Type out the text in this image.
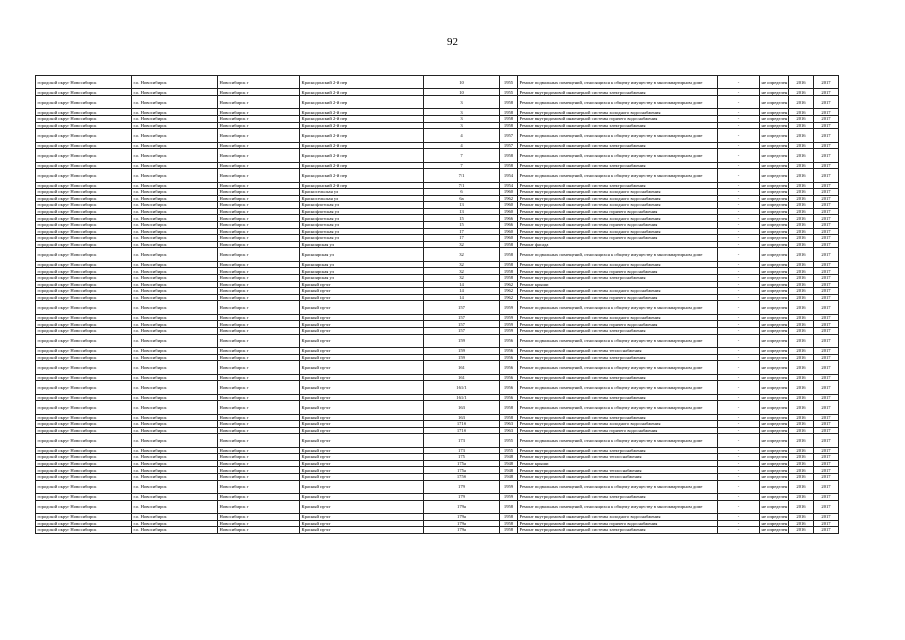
92
городской округ Новосибирск	г.о. Новосибирск	Новосибирск г	Краснодонский 2-й пер	10	1955	Ремонт подвальных помещений, относящихся к общему имуществу в многоквартирном доме	-	не определен	2016	2017
городской округ Новосибирск	г.о. Новосибирск	Новосибирск г	Краснодонский 2-й пер	10	1955	Ремонт внутридомовой инженерной системы электроснабжения	-	не определен	2016	2017
городской округ Новосибирск	г.о. Новосибирск	Новосибирск г	Краснодонский 2-й пер	3	1958	Ремонт подвальных помещений, относящихся к общему имуществу в многоквартирном доме	-	не определен	2016	2017
городской округ Новосибирск	г.о. Новосибирск	Новосибирск г	Краснодонский 2-й пер	3	1958	Ремонт внутридомовой инженерной системы холодного водоснабжения	-	не определен	2016	2017
городской округ Новосибирск	г.о. Новосибирск	Новосибирск г	Краснодонский 2-й пер	3	1958	Ремонт внутридомовой инженерной системы горячего водоснабжения	-	не определен	2016	2017
городской округ Новосибирск	г.о. Новосибирск	Новосибирск г	Краснодонский 2-й пер	3	1958	Ремонт внутридомовой инженерной системы электроснабжения	-	не определен	2016	2017
городской округ Новосибирск	г.о. Новосибирск	Новосибирск г	Краснодонский 2-й пер	4	1957	Ремонт подвальных помещений, относящихся к общему имуществу в многоквартирном доме	-	не определен	2016	2017
городской округ Новосибирск	г.о. Новосибирск	Новосибирск г	Краснодонский 2-й пер	4	1957	Ремонт внутридомовой инженерной системы электроснабжения	-	не определен	2016	2017
городской округ Новосибирск	г.о. Новосибирск	Новосибирск г	Краснодонский 2-й пер	7	1958	Ремонт подвальных помещений, относящихся к общему имуществу в многоквартирном доме	-	не определен	2016	2017
городской округ Новосибирск	г.о. Новосибирск	Новосибирск г	Краснодонский 2-й пер	7	1958	Ремонт внутридомовой инженерной системы электроснабжения	-	не определен	2016	2017
городской округ Новосибирск	г.о. Новосибирск	Новосибирск г	Краснодонский 2-й пер	7/1	1954	Ремонт подвальных помещений, относящихся к общему имуществу в многоквартирном доме	-	не определен	2016	2017
городской округ Новосибирск	г.о. Новосибирск	Новосибирск г	Краснодонский 2-й пер	7/1	1954	Ремонт внутридомовой инженерной системы электроснабжения	-	не определен	2016	2017
городской округ Новосибирск	г.о. Новосибирск	Новосибирск г	Красносельская ул	6	1960	Ремонт внутридомовой инженерной системы холодного водоснабжения	-	не определен	2016	2017
городской округ Новосибирск	г.о. Новосибирск	Новосибирск г	Красносельская ул	6а	1962	Ремонт внутридомовой инженерной системы холодного водоснабжения	-	не определен	2016	2017
городской округ Новосибирск	г.о. Новосибирск	Новосибирск г	Краснофлотская ул	13	1960	Ремонт внутридомовой инженерной системы холодного водоснабжения	-	не определен	2016	2017
городской округ Новосибирск	г.о. Новосибирск	Новосибирск г	Краснофлотская ул	13	1960	Ремонт внутридомовой инженерной системы горячего водоснабжения	-	не определен	2016	2017
городской округ Новосибирск	г.о. Новосибирск	Новосибирск г	Краснофлотская ул	15	1966	Ремонт внутридомовой инженерной системы холодного водоснабжения	-	не определен	2016	2017
городской округ Новосибирск	г.о. Новосибирск	Новосибирск г	Краснофлотская ул	15	1966	Ремонт внутридомовой инженерной системы горячего водоснабжения	-	не определен	2016	2017
городской округ Новосибирск	г.о. Новосибирск	Новосибирск г	Краснофлотская ул	17	1960	Ремонт внутридомовой инженерной системы холодного водоснабжения	-	не определен	2016	2017
городской округ Новосибирск	г.о. Новосибирск	Новосибирск г	Краснофлотская ул	17	1960	Ремонт внутридомовой инженерной системы горячего водоснабжения	-	не определен	2016	2017
городской округ Новосибирск	г.о. Новосибирск	Новосибирск г	Красноярская ул	32	1958	Ремонт фасада	-	не определен	2016	2017
городской округ Новосибирск	г.о. Новосибирск	Новосибирск г	Красноярская ул	32	1958	Ремонт подвальных помещений, относящихся к общему имуществу в многоквартирном доме	-	не определен	2016	2017
городской округ Новосибирск	г.о. Новосибирск	Новосибирск г	Красноярская ул	32	1958	Ремонт внутридомовой инженерной системы холодного водоснабжения	-	не определен	2016	2017
городской округ Новосибирск	г.о. Новосибирск	Новосибирск г	Красноярская ул	32	1958	Ремонт внутридомовой инженерной системы горячего водоснабжения	-	не определен	2016	2017
городской округ Новосибирск	г.о. Новосибирск	Новосибирск г	Красноярская ул	32	1958	Ремонт внутридомовой инженерной системы электроснабжения	-	не определен	2016	2017
городской округ Новосибирск	г.о. Новосибирск	Новосибирск г	Красный пр-кт	14	1962	Ремонт крыши	-	не определен	2016	2017
городской округ Новосибирск	г.о. Новосибирск	Новосибирск г	Красный пр-кт	14	1962	Ремонт внутридомовой инженерной системы холодного водоснабжения	-	не определен	2016	2017
городской округ Новосибирск	г.о. Новосибирск	Новосибирск г	Красный пр-кт	14	1962	Ремонт внутридомовой инженерной системы горячего водоснабжения	-	не определен	2016	2017
городской округ Новосибирск	г.о. Новосибирск	Новосибирск г	Красный пр-кт	157	1959	Ремонт подвальных помещений, относящихся к общему имуществу в многоквартирном доме	-	не определен	2016	2017
городской округ Новосибирск	г.о. Новосибирск	Новосибирск г	Красный пр-кт	157	1959	Ремонт внутридомовой инженерной системы холодного водоснабжения	-	не определен	2016	2017
городской округ Новосибирск	г.о. Новосибирск	Новосибирск г	Красный пр-кт	157	1959	Ремонт внутридомовой инженерной системы горячего водоснабжения	-	не определен	2016	2017
городской округ Новосибирск	г.о. Новосибирск	Новосибирск г	Красный пр-кт	157	1959	Ремонт внутридомовой инженерной системы электроснабжения	-	не определен	2016	2017
городской округ Новосибирск	г.о. Новосибирск	Новосибирск г	Красный пр-кт	159	1956	Ремонт подвальных помещений, относящихся к общему имуществу в многоквартирном доме	-	не определен	2016	2017
городской округ Новосибирск	г.о. Новосибирск	Новосибирск г	Красный пр-кт	159	1956	Ремонт внутридомовой инженерной системы теплоснабжения	-	не определен	2016	2017
городской округ Новосибирск	г.о. Новосибирск	Новосибирск г	Красный пр-кт	159	1956	Ремонт внутридомовой инженерной системы электроснабжения	-	не определен	2016	2017
городской округ Новосибирск	г.о. Новосибирск	Новосибирск г	Красный пр-кт	161	1956	Ремонт подвальных помещений, относящихся к общему имуществу в многоквартирном доме	-	не определен	2016	2017
городской округ Новосибирск	г.о. Новосибирск	Новосибирск г	Красный пр-кт	161	1956	Ремонт внутридомовой инженерной системы электроснабжения	-	не определен	2016	2017
городской округ Новосибирск	г.о. Новосибирск	Новосибирск г	Красный пр-кт	161/1	1956	Ремонт подвальных помещений, относящихся к общему имуществу в многоквартирном доме	-	не определен	2016	2017
городской округ Новосибирск	г.о. Новосибирск	Новосибирск г	Красный пр-кт	161/1	1956	Ремонт внутридомовой инженерной системы электроснабжения	-	не определен	2016	2017
городской округ Новосибирск	г.о. Новосибирск	Новосибирск г	Красный пр-кт	163	1958	Ремонт подвальных помещений, относящихся к общему имуществу в многоквартирном доме	-	не определен	2016	2017
городской округ Новосибирск	г.о. Новосибирск	Новосибирск г	Красный пр-кт	163	1958	Ремонт внутридомовой инженерной системы электроснабжения	-	не определен	2016	2017
городской округ Новосибирск	г.о. Новосибирск	Новосибирск г	Красный пр-кт	171б	1963	Ремонт внутридомовой инженерной системы холодного водоснабжения	-	не определен	2016	2017
городской округ Новосибирск	г.о. Новосибирск	Новосибирск г	Красный пр-кт	171б	1963	Ремонт внутридомовой инженерной системы горячего водоснабжения	-	не определен	2016	2017
городской округ Новосибирск	г.о. Новосибирск	Новосибирск г	Красный пр-кт	173	1955	Ремонт подвальных помещений, относящихся к общему имуществу в многоквартирном доме	-	не определен	2016	2017
городской округ Новосибирск	г.о. Новосибирск	Новосибирск г	Красный пр-кт	173	1955	Ремонт внутридомовой инженерной системы электроснабжения	-	не определен	2016	2017
городской округ Новосибирск	г.о. Новосибирск	Новосибирск г	Красный пр-кт	175	1948	Ремонт внутридомовой инженерной системы теплоснабжения	-	не определен	2016	2017
городской округ Новосибирск	г.о. Новосибирск	Новосибирск г	Красный пр-кт	175а	1948	Ремонт крыши	-	не определен	2016	2017
городской округ Новосибирск	г.о. Новосибирск	Новосибирск г	Красный пр-кт	175а	1948	Ремонт внутридомовой инженерной системы теплоснабжения	-	не определен	2016	2017
городской округ Новосибирск	г.о. Новосибирск	Новосибирск г	Красный пр-кт	175б	1948	Ремонт внутридомовой инженерной системы теплоснабжения	-	не определен	2016	2017
городской округ Новосибирск	г.о. Новосибирск	Новосибирск г	Красный пр-кт	179	1959	Ремонт подвальных помещений, относящихся к общему имуществу в многоквартирном доме	-	не определен	2016	2017
городской округ Новосибирск	г.о. Новосибирск	Новосибирск г	Красный пр-кт	179	1959	Ремонт внутридомовой инженерной системы электроснабжения	-	не определен	2016	2017
городской округ Новосибирск	г.о. Новосибирск	Новосибирск г	Красный пр-кт	179а	1958	Ремонт подвальных помещений, относящихся к общему имуществу в многоквартирном доме	-	не определен	2016	2017
городской округ Новосибирск	г.о. Новосибирск	Новосибирск г	Красный пр-кт	179а	1958	Ремонт внутридомовой инженерной системы холодного водоснабжения	-	не определен	2016	2017
городской округ Новосибирск	г.о. Новосибирск	Новосибирск г	Красный пр-кт	179а	1958	Ремонт внутридомовой инженерной системы горячего водоснабжения	-	не определен	2016	2017
городской округ Новосибирск	г.о. Новосибирск	Новосибирск г	Красный пр-кт	179а	1958	Ремонт внутридомовой инженерной системы электроснабжения	-	не определен	2016	2017
